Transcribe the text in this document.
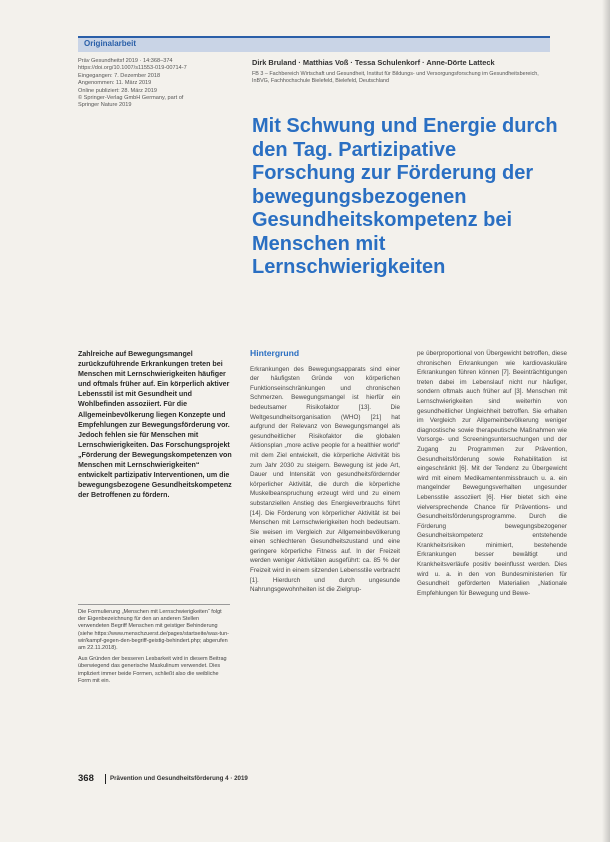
Originalarbeit
Präv Gesundheitsf 2019 · 14:368–374
https://doi.org/10.1007/s11553-019-00714-7
Eingegangen: 7. Dezember 2018
Angenommen: 11. März 2019
Online publiziert: 28. März 2019
© Springer-Verlag GmbH Germany, part of
Springer Nature 2019
Dirk Bruland · Matthias Voß · Tessa Schulenkorf · Anne-Dörte Latteck
FB 3 – Fachbereich Wirtschaft und Gesundheit, Institut für Bildungs- und Versorgungsforschung im Gesundheitsbereich, InBVG, Fachhochschule Bielefeld, Bielefeld, Deutschland
Mit Schwung und Energie durch den Tag. Partizipative Forschung zur Förderung der bewegungsbezogenen Gesundheitskompetenz bei Menschen mit Lernschwierigkeiten
Zahlreiche auf Bewegungsmangel zurückzuführende Erkrankungen treten bei Menschen mit Lernschwierigkeiten häufiger und oftmals früher auf. Ein körperlich aktiver Lebensstil ist mit Gesundheit und Wohlbefinden assoziiert. Für die Allgemeinbevölkerung liegen Konzepte und Empfehlungen zur Bewegungsförderung vor. Jedoch fehlen sie für Menschen mit Lernschwierigkeiten. Das Forschungsprojekt „Förderung der Bewegungskompetenzen von Menschen mit Lernschwierigkeiten“ entwickelt partizipativ Interventionen, um die bewegungsbezogene Gesundheitskompetenz der Betroffenen zu fördern.

Die Formulierung „Menschen mit Lernschwierigkeiten“ folgt der Eigenbezeichnung für den an anderen Stellen verwendeten Begriff Menschen mit geistiger Behinderung (siehe https://www.menschzuerst.de/pages/startseite/was-tun-wir/kampf-gegen-den-begriff-geistig-behindert.php; abgerufen am 22.11.2018).

Aus Gründen der besseren Lesbarkeit wird in diesem Beitrag überwiegend das generische Maskulinum verwendet. Dies impliziert immer beide Formen, schließt also die weibliche Form mit ein.

Hintergrund

Erkrankungen des Bewegungsapparats sind einer der häufigsten Gründe von körperlichen Funktionseinschränkungen und chronischen Schmerzen. Bewegungsmangel ist hierfür ein bedeutsamer Risikofaktor [13]. Die Weltgesundheitsorganisation (WHO) [21] hat aufgrund der Relevanz von Bewegungsmangel als gesundheitlicher Risikofaktor die globalen Aktionsplan „more active people for a healthier world“ mit dem Ziel entwickelt, die körperliche Aktivität bis zum Jahr 2030 zu steigern. Bewegung ist jede Art, Dauer und Intensität von gesundheitsfördernder körperlicher Aktivität, die durch die körperliche Muskelbeanspruchung erzeugt wird und zu einem substanziellen Anstieg des Energieverbrauchs führt [14]. Die Förderung von körperlicher Aktivität ist bei Menschen mit Lernschwierigkeiten hoch bedeutsam. Sie weisen im Vergleich zur Allgemeinbevölkerung einen schlechteren Gesundheitszustand und eine geringere körperliche Fitness auf. In der Freizeit werden weniger Aktivitäten ausgeführt: ca. 85 % der Freizeit wird in einem sitzenden Lebensstile verbracht [1]. Hierdurch und durch ungesunde Nahrungsgewohnheiten ist die Zielgrup-

pe überproportional von Übergewicht betroffen, diese chronischen Erkrankungen wie kardiovaskuläre Erkrankungen führen können [7]. Beeinträchtigungen treten dabei im Lebenslauf nicht nur häufiger, sondern oftmals auch früher auf [3]. Menschen mit Lernschwierigkeiten sind weiterhin von gesundheitlicher Ungleichheit betroffen. Sie erhalten im Vergleich zur Allgemeinbevölkerung weniger diagnostische sowie therapeutische Maßnahmen wie Vorsorge- und Screeningsuntersuchungen und der Zugang zu Programmen zur Prävention, Gesundheitsförderung sowie Rehabilitation ist eingeschränkt [6]. Mit der Tendenz zu Übergewicht wird mit einem Medikamentenmissbrauch u. a. ein mangelnder Bewegungsverhalten ungesunder Lebensstile assoziiert [6]. Hier bietet sich eine vielversprechende Chance für Präventions- und Gesundheitsförderungsprogramme. Durch die Förderung bewegungsbezogener Gesundheitskompetenz entstehende Krankheitsrisiken minimiert, bestehende Erkrankungen besser bewältigt und Krankheitsverläufe positiv beeinflusst werden. Dies wird u. a. in den von Bundesministerien für Gesundheit geförderten Materialien „Nationale Empfehlungen für Bewegung und Bewe-

368	Prävention und Gesundheitsförderung 4 · 2019
